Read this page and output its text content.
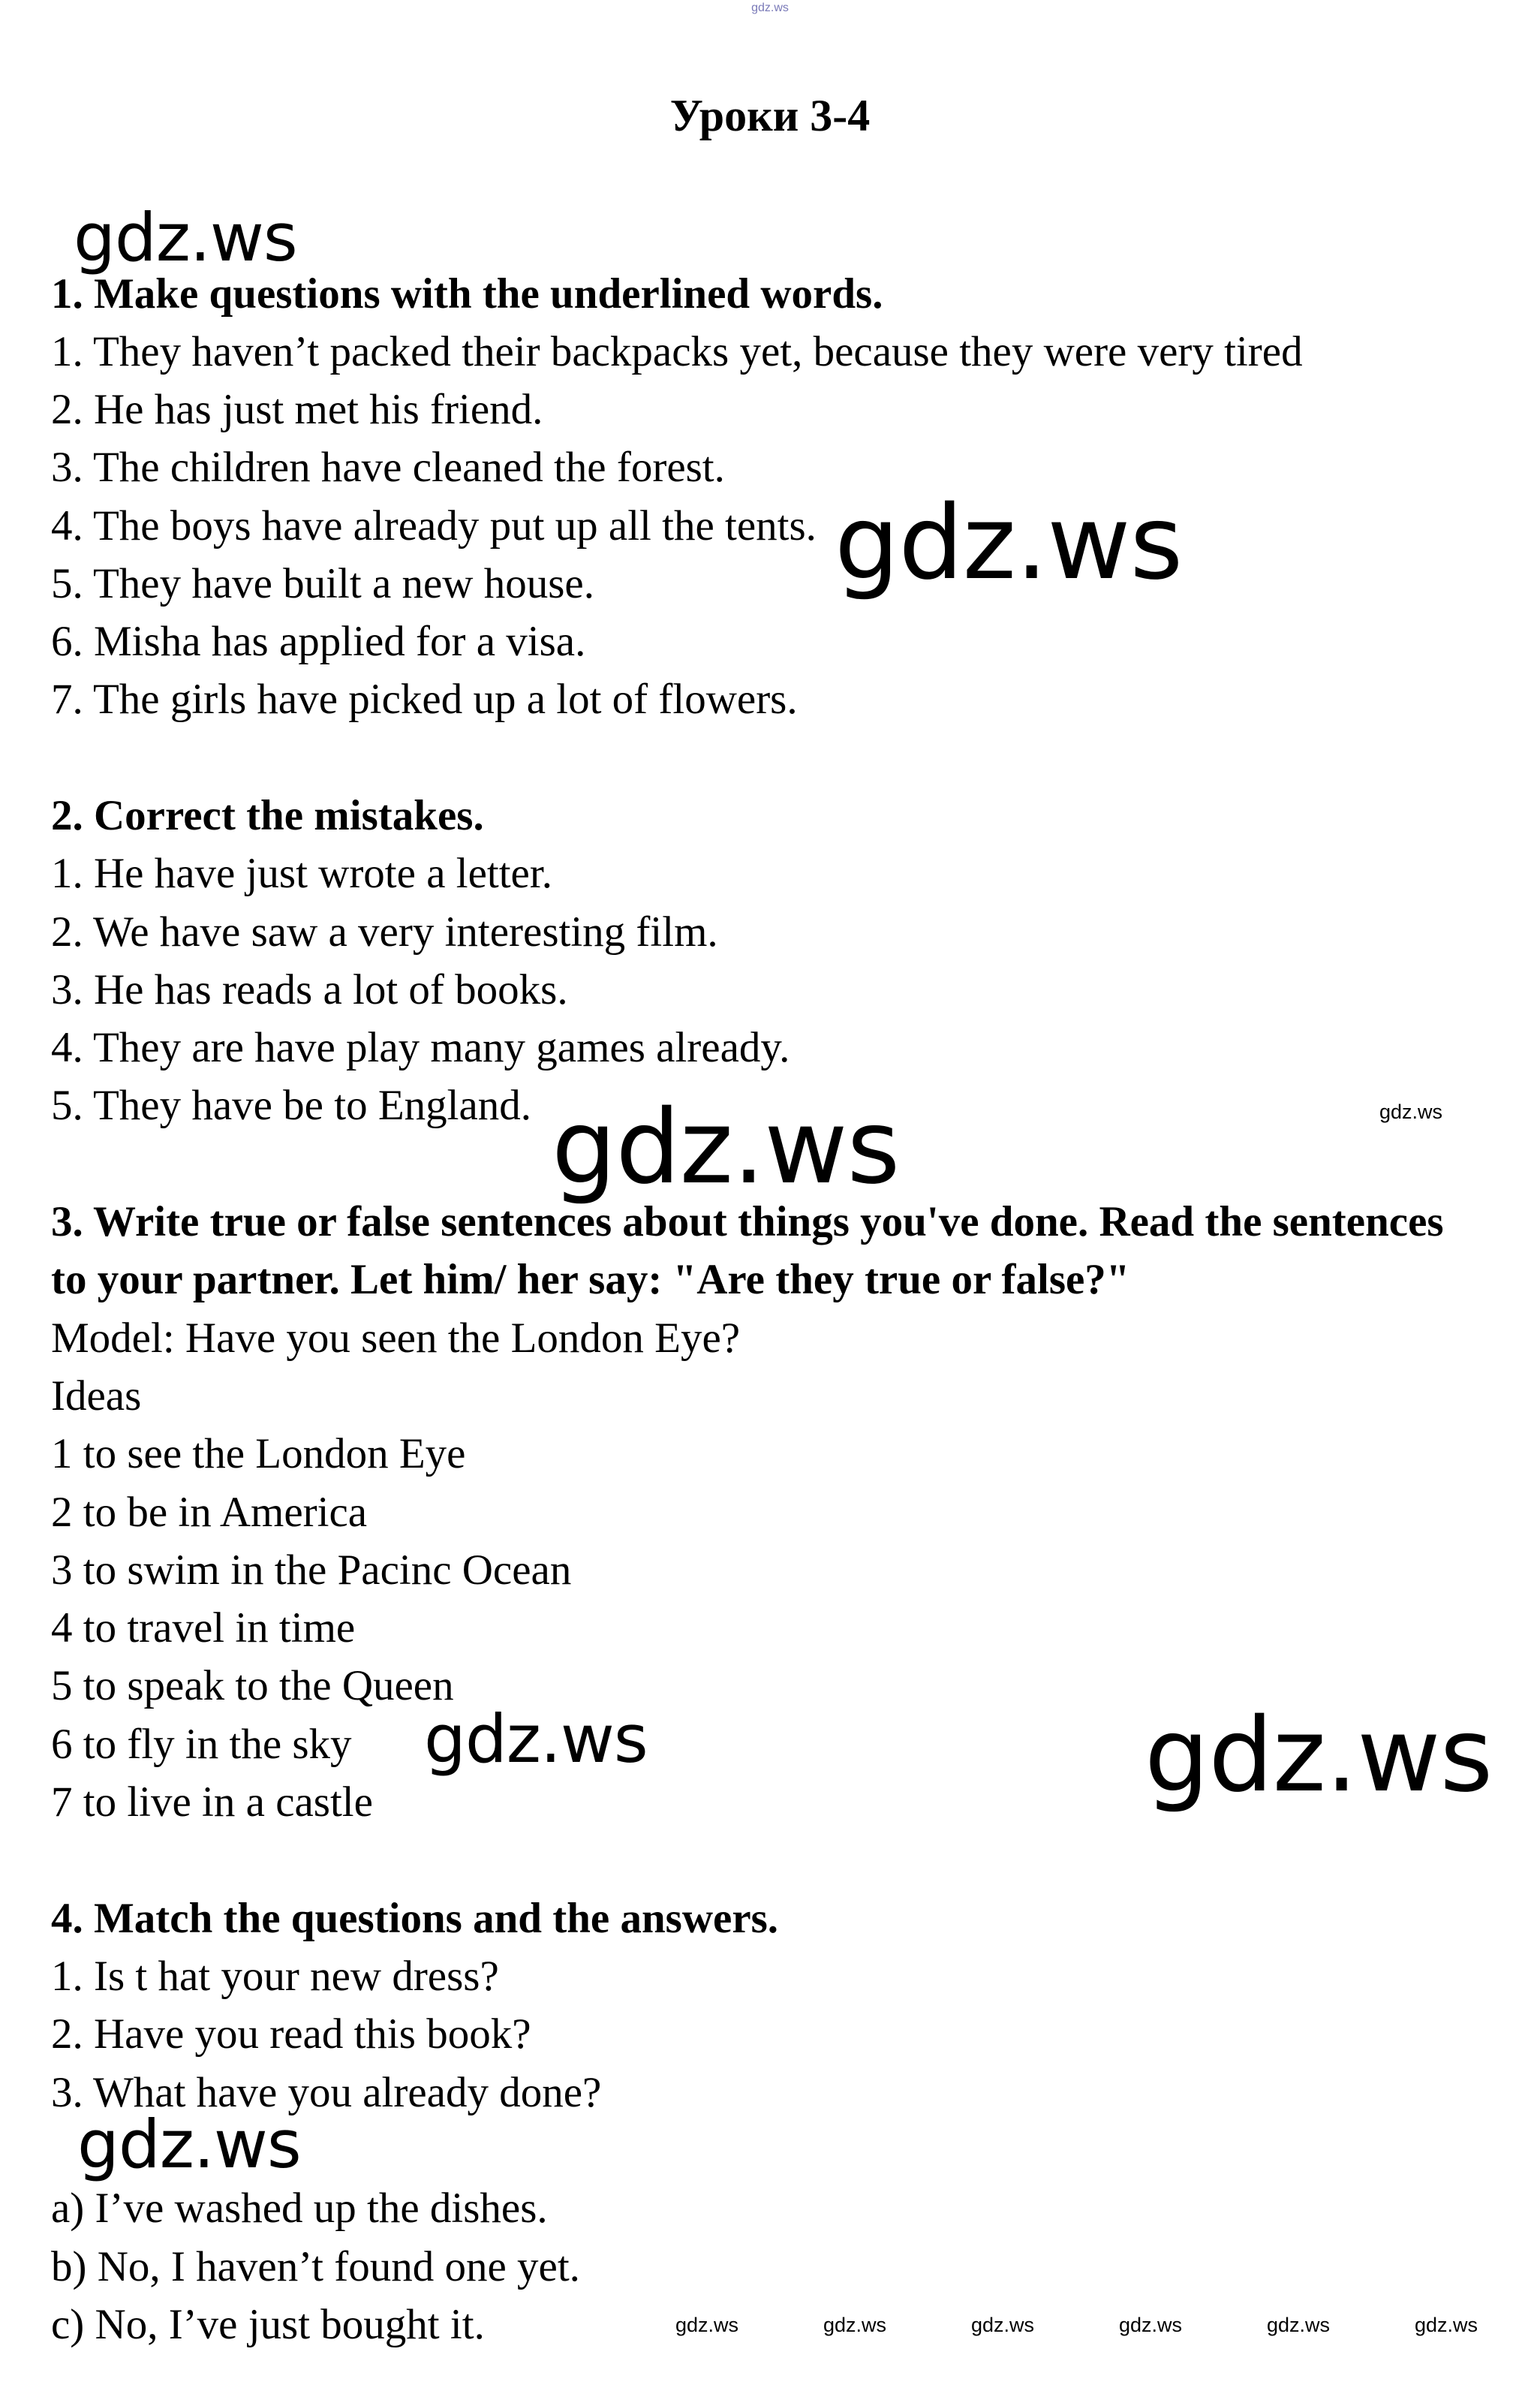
gdz.ws
Уроки 3-4
1. Make questions with the underlined words.
1. They haven’t packed their backpacks yet, because they were very tired
2. He has just met his friend.
3. The children have cleaned the forest.
4. The boys have already put up all the tents.
5. They have built a new house.
6. Misha has applied for a visa.
7. The girls have picked up a lot of flowers.
2. Correct the mistakes.
1. He have just wrote a letter.
2. We have saw a very interesting film.
3. He has reads a lot of books.
4. They are have play many games already.
5. They have be to England.
3. Write true or false sentences about things you've done. Read the sentences
to your partner. Let him/ her say: "Are they true or false?"
Model: Have you seen the London Eye?
Ideas
1 to see the London Eye
2 to be in America
3 to swim in the Pacinc Ocean
4 to travel in time
5 to speak to the Queen
6 to fly in the sky
7 to live in a castle
4. Match the questions and the answers.
1. Is t hat your new dress?
2. Have you read this book?
3. What have you already done?
a) I’ve washed up the dishes.
b) No, I haven’t found one yet.
c) No, I’ve just bought it.
gdz.ws
gdz.ws
gdz.ws
gdz.ws
gdz.ws	gdz.ws
gdz.ws
gdz.ws	gdz.ws	gdz.ws	gdz.ws	gdz.ws	gdz.ws
